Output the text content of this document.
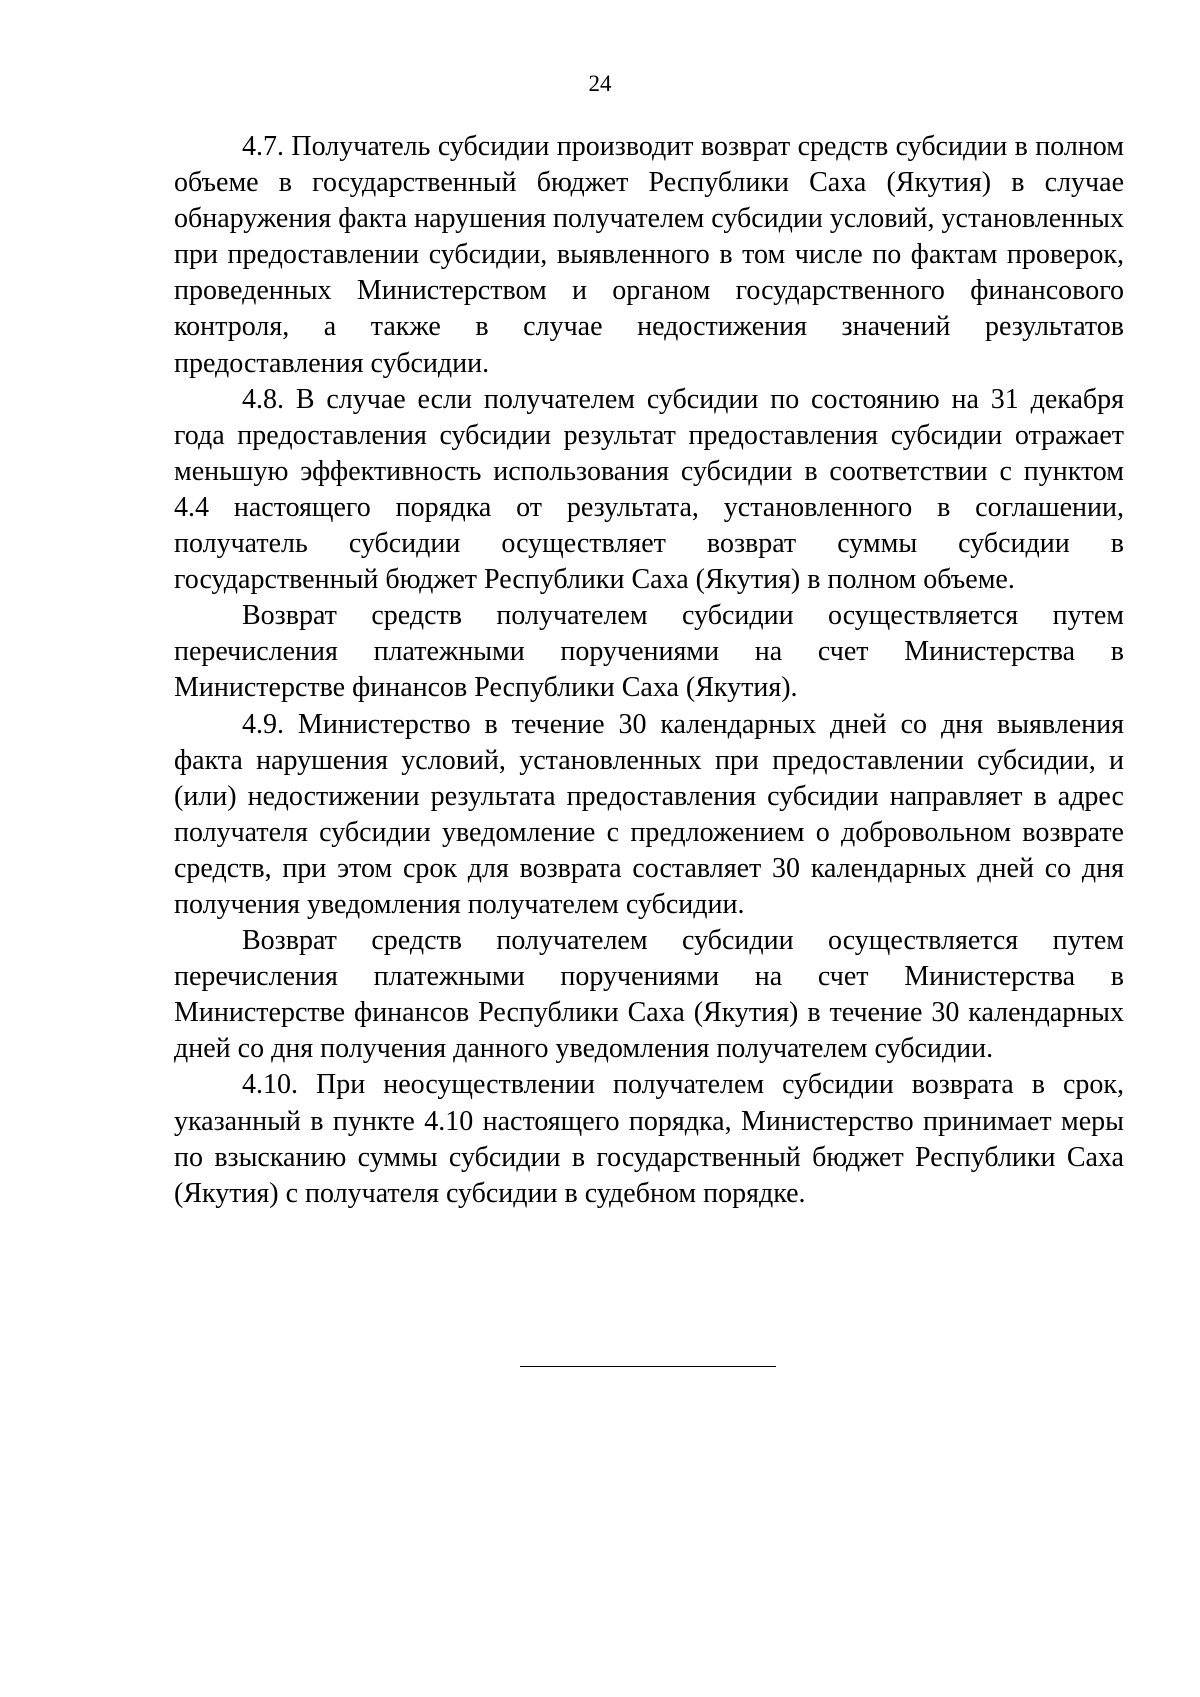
24

4.7. Получатель субсидии производит возврат средств субсидии в полном объеме в государственный бюджет Республики Саха (Якутия) в случае обнаружения факта нарушения получателем субсидии условий, установленных при предоставлении субсидии, выявленного в том числе по фактам проверок, проведенных Министерством и органом государственного финансового контроля, а также в случае недостижения значений результатов предоставления субсидии.

4.8. В случае если получателем субсидии по состоянию на 31 декабря года предоставления субсидии результат предоставления субсидии отражает меньшую эффективность использования субсидии в соответствии с пунктом 4.4 настоящего порядка от результата, установленного в соглашении, получатель субсидии осуществляет возврат суммы субсидии в государственный бюджет Республики Саха (Якутия) в полном объеме.

Возврат средств получателем субсидии осуществляется путем перечисления платежными поручениями на счет Министерства в Министерстве финансов Республики Саха (Якутия).

4.9. Министерство в течение 30 календарных дней со дня выявления факта нарушения условий, установленных при предоставлении субсидии, и (или) недостижении результата предоставления субсидии направляет в адрес получателя субсидии уведомление с предложением о добровольном возврате средств, при этом срок для возврата составляет 30 календарных дней со дня получения уведомления получателем субсидии.

Возврат средств получателем субсидии осуществляется путем перечисления платежными поручениями на счет Министерства в Министерстве финансов Республики Саха (Якутия) в течение 30 календарных дней со дня получения данного уведомления получателем субсидии.

4.10. При неосуществлении получателем субсидии возврата в срок, указанный в пункте 4.10 настоящего порядка, Министерство принимает меры по взысканию суммы субсидии в государственный бюджет Республики Саха (Якутия) с получателя субсидии в судебном порядке.
